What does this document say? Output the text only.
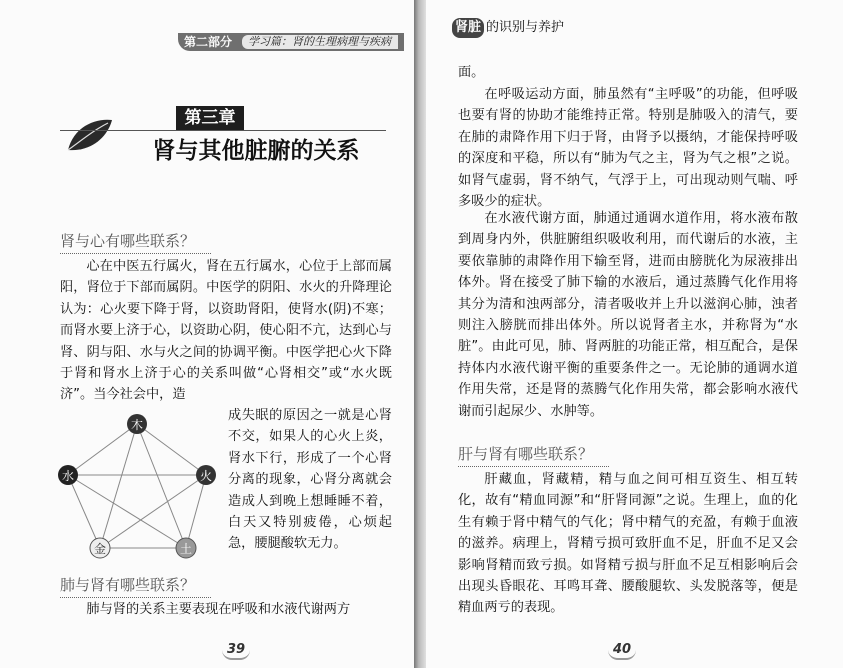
第二部分	学习篇：肾的生理病理与疾病
第三章
肾与其他脏腑的关系
肾与心有哪些联系？

心在中医五行属火，肾在五行属水，心位于上部而属阳，肾位于下部而属阴。中医学的阴阳、水火的升降理论认为：心火要下降于肾，以资助肾阳，使肾水(阴)不寒；而肾水要上济于心，以资助心阴，使心阳不亢，达到心与肾、阴与阳、水与火之间的协调平衡。中医学把心火下降于肾和肾水上济于心的关系叫做“心肾相交”或“水火既济”。当今社会中，造

成失眠的原因之一就是心肾不交，如果人的心火上炎，肾水下行，形成了一个心肾分离的现象，心肾分离就会造成人到晚上想睡睡不着，白天又特别疲倦，心烦起急，腰腿酸软无力。

水
木
火
土
金
肺与肾有哪些联系？

肺与肾的关系主要表现在呼吸和水液代谢两方

39
肾脏 的识别与养护

面。

在呼吸运动方面，肺虽然有“主呼吸”的功能，但呼吸也要有肾的协助才能维持正常。特别是肺吸入的清气，要在肺的肃降作用下归于肾，由肾予以摄纳，才能保持呼吸的深度和平稳，所以有“肺为气之主，肾为气之根”之说。如肾气虚弱，肾不纳气，气浮于上，可出现动则气喘、呼多吸少的症状。

在水液代谢方面，肺通过通调水道作用，将水液布散到周身内外，供脏腑组织吸收利用，而代谢后的水液，主要依靠肺的肃降作用下输至肾，进而由膀胱化为尿液排出体外。肾在接受了肺下输的水液后，通过蒸腾气化作用将其分为清和浊两部分，清者吸收并上升以滋润心肺，浊者则注入膀胱而排出体外。所以说肾者主水，并称肾为“水脏”。由此可见，肺、肾两脏的功能正常，相互配合，是保持体内水液代谢平衡的重要条件之一。无论肺的通调水道作用失常，还是肾的蒸腾气化作用失常，都会影响水液代谢而引起尿少、水肿等。

肝与肾有哪些联系？

肝藏血，肾藏精，精与血之间可相互资生、相互转化，故有“精血同源”和“肝肾同源”之说。生理上，血的化生有赖于肾中精气的气化；肾中精气的充盈，有赖于血液的滋养。病理上，肾精亏损可致肝血不足，肝血不足又会影响肾精而致亏损。如肾精亏损与肝血不足互相影响后会出现头昏眼花、耳鸣耳聋、腰酸腿软、头发脱落等，便是精血两亏的表现。

40
